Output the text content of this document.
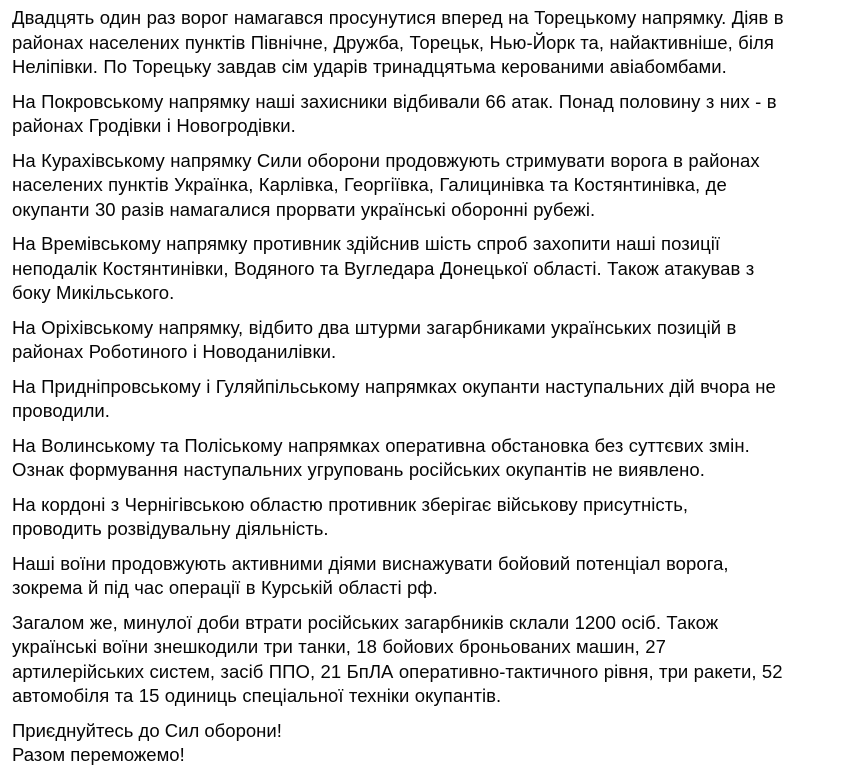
Двадцять один раз ворог намагався просунутися вперед на Торецькому напрямку. Діяв в
районах населених пунктів Північне, Дружба, Торецьк, Нью-Йорк та, найактивніше, біля
Неліпівки. По Торецьку завдав сім ударів тринадцятьма керованими авіабомбами.

На Покровському напрямку наші захисники відбивали 66 атак. Понад половину з них - в
районах Гродівки і Новогродівки.

На Курахівському напрямку Сили оборони продовжують стримувати ворога в районах
населених пунктів Українка, Карлівка, Георгіївка, Галицинівка та Костянтинівка, де
окупанти 30 разів намагалися прорвати українські оборонні рубежі.

На Времівському напрямку противник здійснив шість спроб захопити наші позиції
неподалік Костянтинівки, Водяного та Вугледара Донецької області. Також атакував з
боку Микільського.

На Оріхівському напрямку, відбито два штурми загарбниками українських позицій в
районах Роботиного і Новоданилівки.

На Придніпровському і Гуляйпільському напрямках окупанти наступальних дій вчора не
проводили.

На Волинському та Поліському напрямках оперативна обстановка без суттєвих змін.
Ознак формування наступальних угруповань російських окупантів не виявлено.

На кордоні з Чернігівською областю противник зберігає військову присутність,
проводить розвідувальну діяльність.

Наші воїни продовжують активними діями виснажувати бойовий потенціал ворога,
зокрема й під час операції в Курській області рф.

Загалом же, минулої доби втрати російських загарбників склали 1200 осіб. Також
українські воїни знешкодили три танки, 18 бойових броньованих машин, 27
артилерійських систем, засіб ППО, 21 БпЛА оперативно-тактичного рівня, три ракети, 52
автомобіля та 15 одиниць спеціальної техніки окупантів.

Приєднуйтесь до Сил оборони!
Разом переможемо!
